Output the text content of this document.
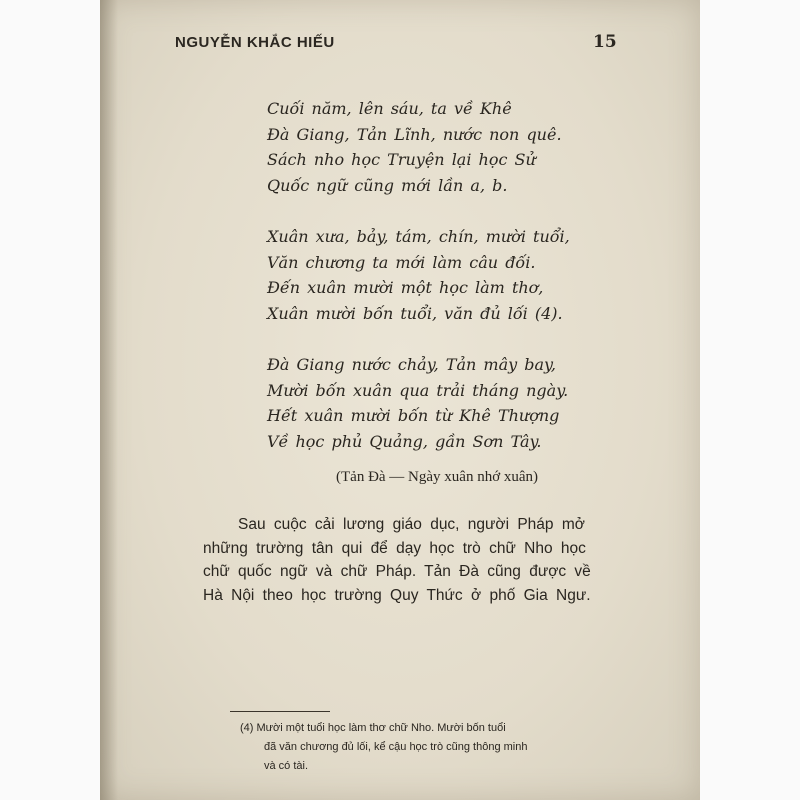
NGUYỄN KHẮC HIẾU	15
Cuối năm, lên sáu, ta về Khê
Đà Giang, Tản Lĩnh, nước non quê.
Sách nho học Truyện lại học Sử
Quốc ngữ cũng mới lần a, b.
Xuân xưa, bảy, tám, chín, mười tuổi,
Văn chương ta mới làm câu đối.
Đến xuân mười một học làm thơ,
Xuân mười bốn tuổi, văn đủ lối (4).
Đà Giang nước chảy, Tản mây bay,
Mười bốn xuân qua trải tháng ngày.
Hết xuân mười bốn từ Khê Thượng
Về học phủ Quảng, gần Sơn Tây.
(Tản Đà — Ngày xuân nhớ xuân)
Sau cuộc cải lương giáo dục, người Pháp mở
những trường tân qui để dạy học trò chữ Nho học
chữ quốc ngữ và chữ Pháp. Tản Đà cũng được về
Hà Nội theo học trường Quy Thức ở phố Gia Ngư.
(4) Mười một tuổi học làm thơ chữ Nho. Mười bốn tuổi
đã văn chương đủ lối, kể cậu học trò cũng thông minh
và có tài.
